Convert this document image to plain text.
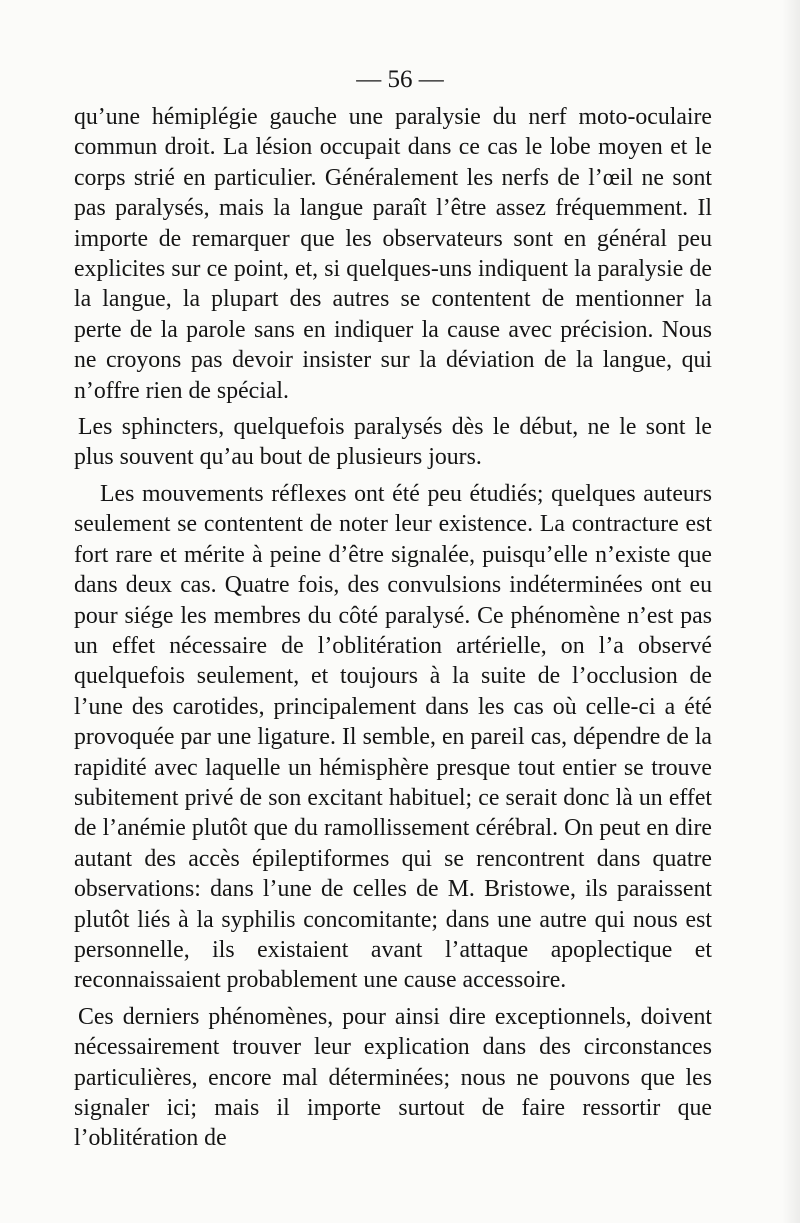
— 56 —

qu’une hémiplégie gauche une paralysie du nerf moto-oculaire commun droit. La lésion occupait dans ce cas le lobe moyen et le corps strié en particulier. Généralement les nerfs de l’œil ne sont pas paralysés, mais la langue paraît l’être assez fréquemment. Il importe de remarquer que les observateurs sont en général peu explicites sur ce point, et, si quelques-uns indiquent la paralysie de la langue, la plupart des autres se contentent de mentionner la perte de la parole sans en indiquer la cause avec précision. Nous ne croyons pas devoir insister sur la déviation de la langue, qui n’offre rien de spécial.

Les sphincters, quelquefois paralysés dès le début, ne le sont le plus souvent qu’au bout de plusieurs jours.

Les mouvements réflexes ont été peu étudiés; quelques auteurs seulement se contentent de noter leur existence. La contracture est fort rare et mérite à peine d’être signalée, puisqu’elle n’existe que dans deux cas. Quatre fois, des convulsions indéterminées ont eu pour siége les membres du côté paralysé. Ce phénomène n’est pas un effet nécessaire de l’oblitération artérielle, on l’a observé quelquefois seulement, et toujours à la suite de l’occlusion de l’une des carotides, principalement dans les cas où celle-ci a été provoquée par une ligature. Il semble, en pareil cas, dépendre de la rapidité avec laquelle un hémisphère presque tout entier se trouve subitement privé de son excitant habituel; ce serait donc là un effet de l’anémie plutôt que du ramollissement cérébral. On peut en dire autant des accès épileptiformes qui se rencontrent dans quatre observations: dans l’une de celles de M. Bristowe, ils paraissent plutôt liés à la syphilis concomitante; dans une autre qui nous est personnelle, ils existaient avant l’attaque apoplectique et reconnaissaient probablement une cause accessoire.

Ces derniers phénomènes, pour ainsi dire exceptionnels, doivent nécessairement trouver leur explication dans des circonstances particulières, encore mal déterminées; nous ne pouvons que les signaler ici; mais il importe surtout de faire ressortir que l’oblitération de
